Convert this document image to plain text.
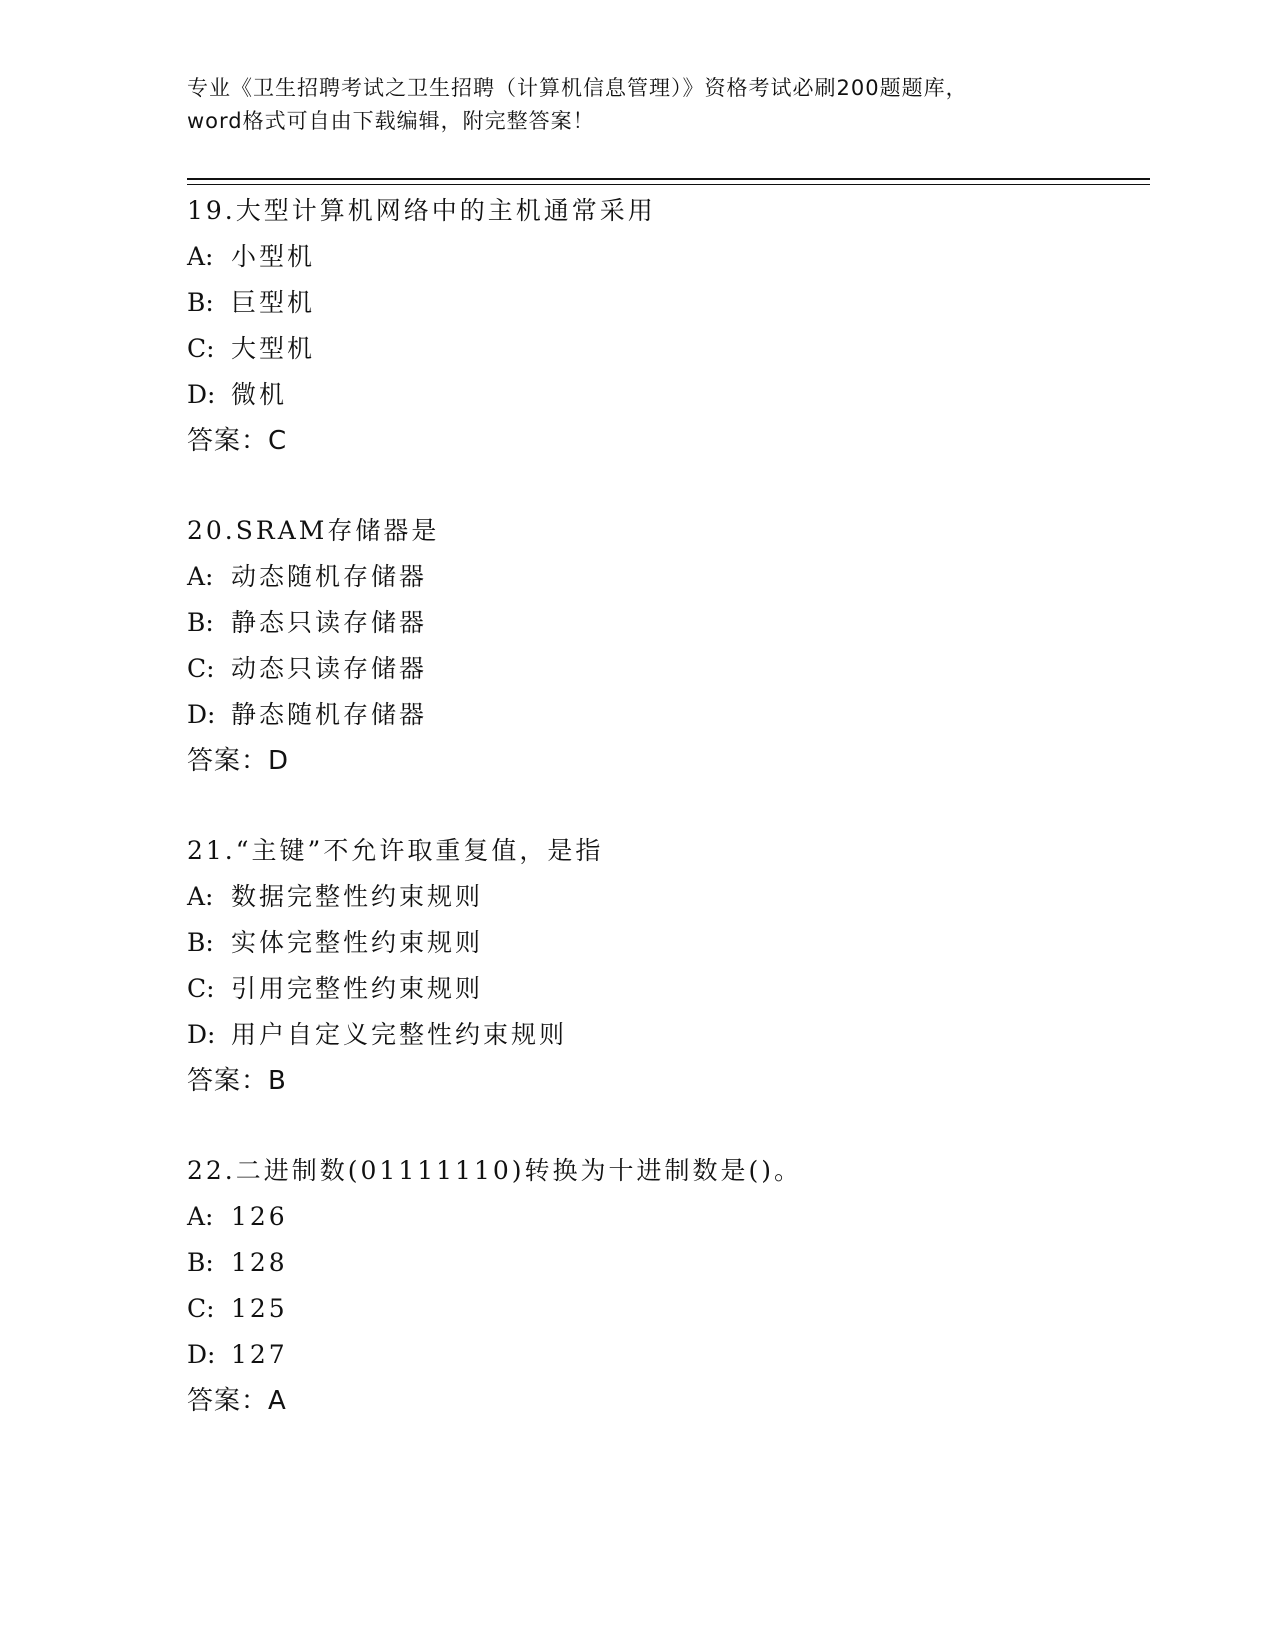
专业《卫生招聘考试之卫生招聘（计算机信息管理）》资格考试必刷200题题库，
word格式可自由下载编辑，附完整答案！
19.大型计算机网络中的主机通常采用
A: 小型机
B: 巨型机
C: 大型机
D: 微机
答案：C
20.SRAM存储器是
A: 动态随机存储器
B: 静态只读存储器
C: 动态只读存储器
D: 静态随机存储器
答案：D
21.“主键”不允许取重复值，是指
A: 数据完整性约束规则
B: 实体完整性约束规则
C: 引用完整性约束规则
D: 用户自定义完整性约束规则
答案：B
22.二进制数(01111110)转换为十进制数是()。
A: 126
B: 128
C: 125
D: 127
答案：A
